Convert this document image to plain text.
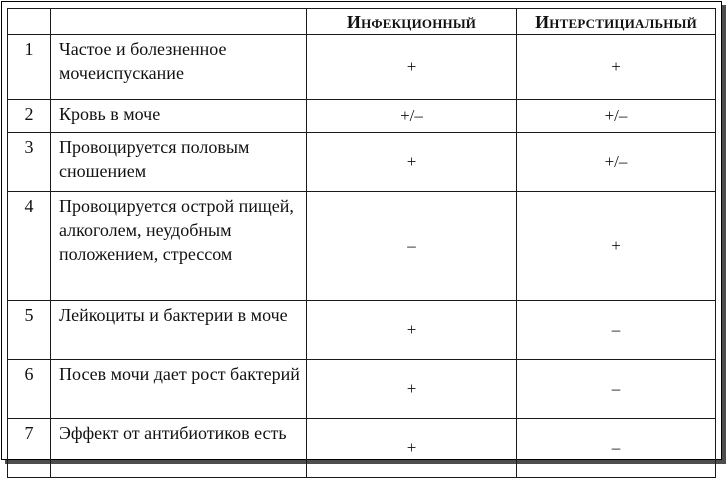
		Инфекционный	Интерстициальный
1	Частое и болезненное мочеиспускание	+	+
2	Кровь в моче	+/–	+/–
3	Провоцируется половым сношением	+	+/–
4	Провоцируется острой пищей, алкоголем, неудобным положением, стрессом	–	+
5	Лейкоциты и бактерии в моче	+	–
6	Посев мочи дает рост бактерий	+	–
7	Эффект от антибиотиков есть	+	–
